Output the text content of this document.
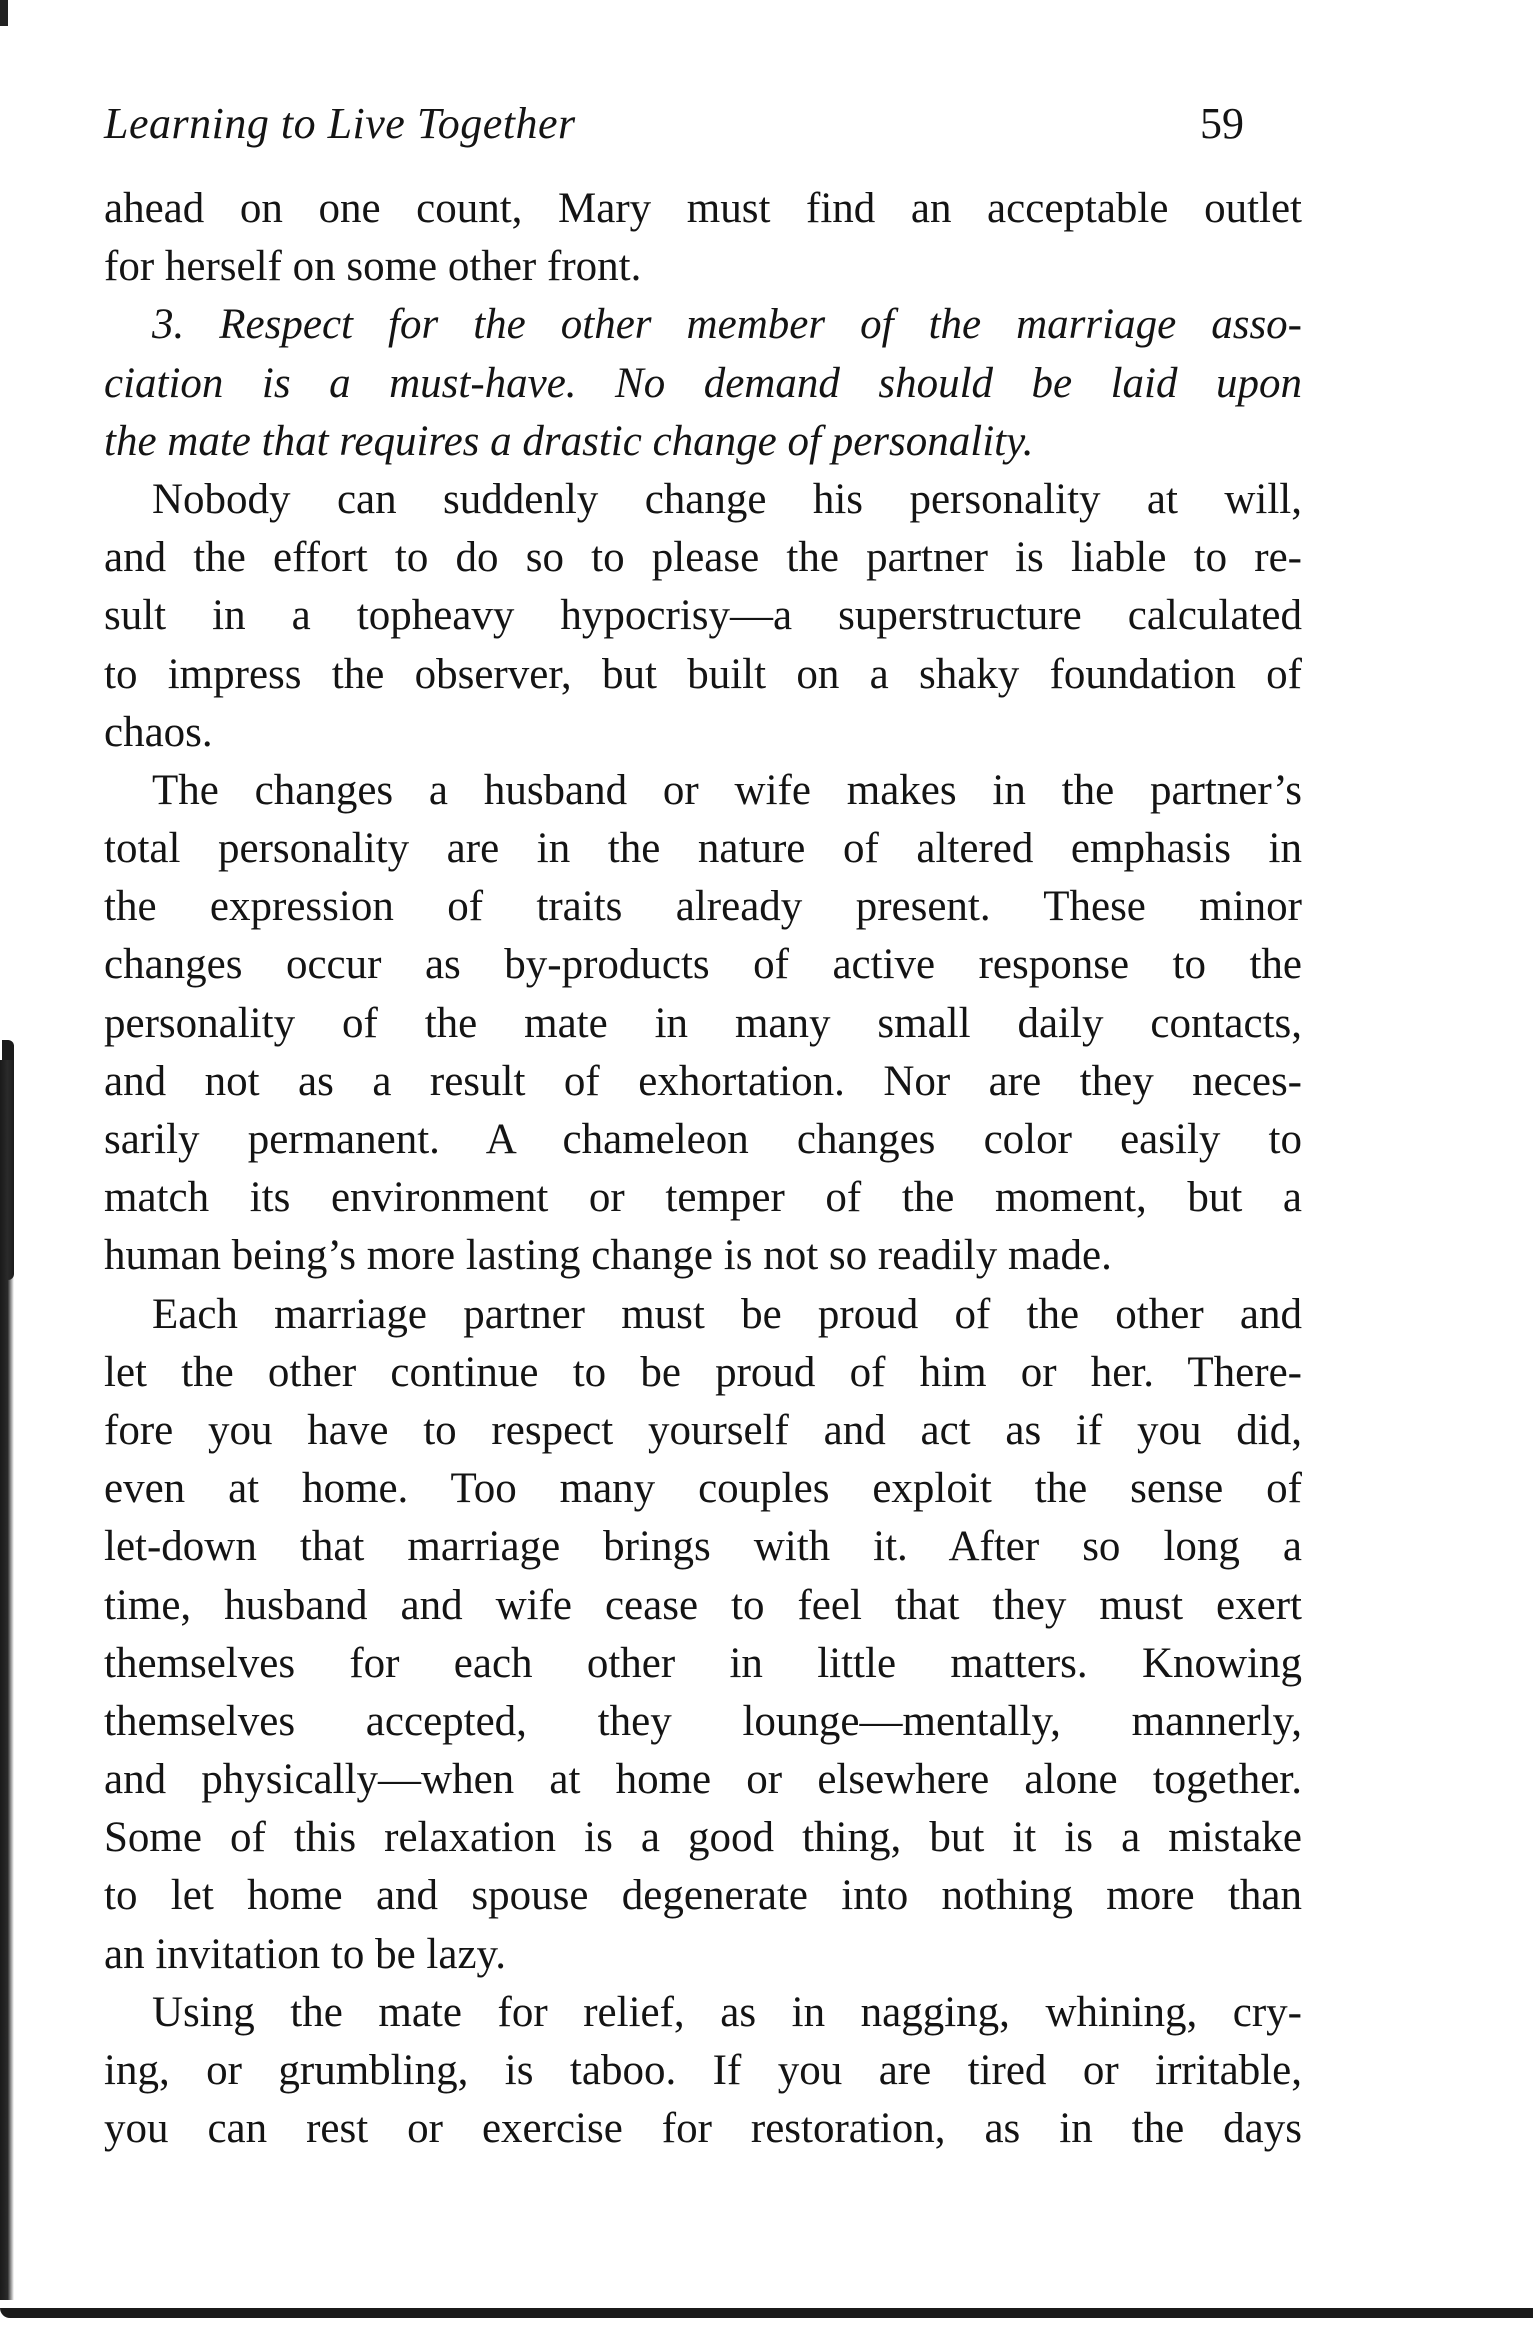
Learning to Live Together	59
ahead on one count, Mary must find an acceptable outlet
for herself on some other front.
3. Respect for the other member of the marriage asso-
ciation is a must-have. No demand should be laid upon
the mate that requires a drastic change of personality.
Nobody can suddenly change his personality at will,
and the effort to do so to please the partner is liable to re-
sult in a topheavy hypocrisy—a superstructure calculated
to impress the observer, but built on a shaky foundation of
chaos.
The changes a husband or wife makes in the partner’s
total personality are in the nature of altered emphasis in
the expression of traits already present. These minor
changes occur as by-products of active response to the
personality of the mate in many small daily contacts,
and not as a result of exhortation. Nor are they neces-
sarily permanent. A chameleon changes color easily to
match its environment or temper of the moment, but a
human being’s more lasting change is not so readily made.
Each marriage partner must be proud of the other and
let the other continue to be proud of him or her. There-
fore you have to respect yourself and act as if you did,
even at home. Too many couples exploit the sense of
let-down that marriage brings with it. After so long a
time, husband and wife cease to feel that they must exert
themselves for each other in little matters. Knowing
themselves accepted, they lounge—mentally, mannerly,
and physically—when at home or elsewhere alone together.
Some of this relaxation is a good thing, but it is a mistake
to let home and spouse degenerate into nothing more than
an invitation to be lazy.
Using the mate for relief, as in nagging, whining, cry-
ing, or grumbling, is taboo. If you are tired or irritable,
you can rest or exercise for restoration, as in the days
